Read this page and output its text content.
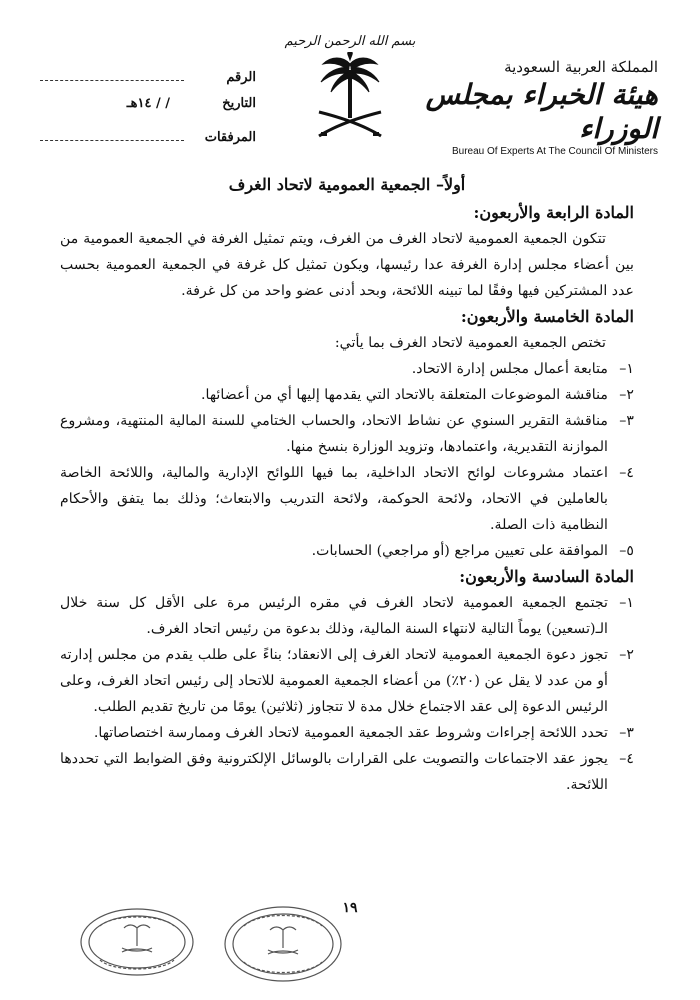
بسم الله الرحمن الرحيم
المملكة العربية السعودية
هيئة الخبراء بمجلس الوزراء
Bureau Of Experts At The Council Of Ministers
الرقم
التاريخ
/ / ١٤هـ
المرفقات
أولاً– الجمعية العمومية لاتحاد الغرف
المادة الرابعة والأربعون:

تتكون الجمعية العمومية لاتحاد الغرف من الغرف، ويتم تمثيل الغرفة في الجمعية العمومية من بين أعضاء مجلس إدارة الغرفة عدا رئيسها، ويكون تمثيل كل غرفة في الجمعية العمومية بحسب عدد المشتركين فيها وفقًا لما تبينه اللائحة، وبحد أدنى عضو واحد من كل غرفة.

المادة الخامسة والأربعون:

تختص الجمعية العمومية لاتحاد الغرف بما يأتي:

١–
متابعة أعمال مجلس إدارة الاتحاد.
٢–
مناقشة الموضوعات المتعلقة بالاتحاد التي يقدمها إليها أي من أعضائها.
٣–
مناقشة التقرير السنوي عن نشاط الاتحاد، والحساب الختامي للسنة المالية المنتهية، ومشروع الموازنة التقديرية، واعتمادها، وتزويد الوزارة بنسخ منها.
٤–
اعتماد مشروعات لوائح الاتحاد الداخلية، بما فيها اللوائح الإدارية والمالية، واللائحة الخاصة بالعاملين في الاتحاد، ولائحة الحوكمة، ولائحة التدريب والابتعاث؛ وذلك بما يتفق والأحكام النظامية ذات الصلة.
٥–
الموافقة على تعيين مراجع (أو مراجعي) الحسابات.
المادة السادسة والأربعون:
١–
تجتمع الجمعية العمومية لاتحاد الغرف في مقره الرئيس مرة على الأقل كل سنة خلال الـ(تسعين) يوماً التالية لانتهاء السنة المالية، وذلك بدعوة من رئيس اتحاد الغرف.
٢–
تجوز دعوة الجمعية العمومية لاتحاد الغرف إلى الانعقاد؛ بناءً على طلب يقدم من مجلس إدارته أو من عدد لا يقل عن (٢٠٪) من أعضاء الجمعية العمومية للاتحاد إلى رئيس اتحاد الغرف، وعلى الرئيس الدعوة إلى عقد الاجتماع خلال مدة لا تتجاوز (ثلاثين) يومًا من تاريخ تقديم الطلب.
٣–
تحدد اللائحة إجراءات وشروط عقد الجمعية العمومية لاتحاد الغرف وممارسة اختصاصاتها.
٤–
يجوز عقد الاجتماعات والتصويت على القرارات بالوسائل الإلكترونية وفق الضوابط التي تحددها اللائحة.
١٩
